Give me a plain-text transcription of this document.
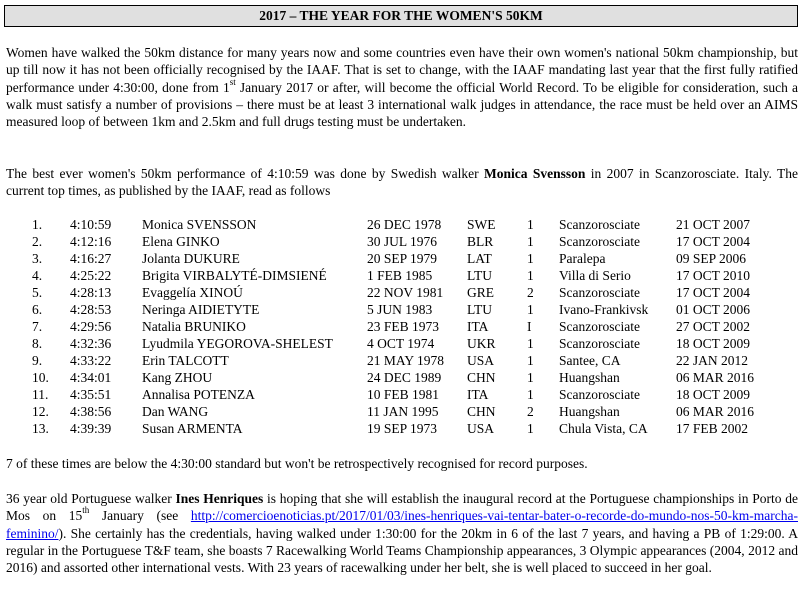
2017 – THE YEAR FOR THE WOMEN'S 50KM
Women have walked the 50km distance for many years now and some countries even have their own women's national 50km championship, but up till now it has not been officially recognised by the IAAF. That is set to change, with the IAAF mandating last year that the first fully ratified performance under 4:30:00, done from 1st January 2017 or after, will become the official World Record. To be eligible for consideration, such a walk must satisfy a number of provisions – there must be at least 3 international walk judges in attendance, the race must be held over an AIMS measured loop of between 1km and 2.5km and full drugs testing must be undertaken.
The best ever women's 50km performance of 4:10:59 was done by Swedish walker Monica Svensson in 2007 in Scanzorosciate. Italy. The current top times, as published by the IAAF, read as follows
1.	4:10:59	Monica SVENSSON	26 DEC 1978	SWE	1	Scanzorosciate	21 OCT 2007
2.	4:12:16	Elena GINKO	30 JUL 1976	BLR	1	Scanzorosciate	17 OCT 2004
3.	4:16:27	Jolanta DUKURE	20 SEP 1979	LAT	1	Paralepa	09 SEP 2006
4.	4:25:22	Brigita VIRBALYTÉ-DIMSIENÉ	1 FEB 1985	LTU	1	Villa di Serio	17 OCT 2010
5.	4:28:13	Evaggelía XINOÚ	22 NOV 1981	GRE	2	Scanzorosciate	17 OCT 2004
6.	4:28:53	Neringa AIDIETYTE	5 JUN 1983	LTU	1	Ivano-Frankivsk	01 OCT 2006
7.	4:29:56	Natalia BRUNIKO	23 FEB 1973	ITA	I	Scanzorosciate	27 OCT 2002
8.	4:32:36	Lyudmila YEGOROVA-SHELEST	4 OCT 1974	UKR	1	Scanzorosciate	18 OCT 2009
9.	4:33:22	Erin TALCOTT	21 MAY 1978	USA	1	Santee, CA	22 JAN 2012
10.	4:34:01	Kang ZHOU	24 DEC 1989	CHN	1	Huangshan	06 MAR 2016
11.	4:35:51	Annalisa POTENZA	10 FEB 1981	ITA	1	Scanzorosciate	18 OCT 2009
12.	4:38:56	Dan WANG	11 JAN 1995	CHN	2	Huangshan	06 MAR 2016
13.	4:39:39	Susan ARMENTA	19 SEP 1973	USA	1	Chula Vista, CA	17 FEB 2002
7 of these times are below the 4:30:00 standard but won't be retrospectively recognised for record purposes.
36 year old Portuguese walker Ines Henriques is hoping that she will establish the inaugural record at the Portuguese championships in Porto de Mos on 15th January (see http://comercioenoticias.pt/2017/01/03/ines-henriques-vai-tentar-bater-o-recorde-do-mundo-nos-50-km-marcha-feminino/). She certainly has the credentials, having walked under 1:30:00 for the 20km in 6 of the last 7 years, and having a PB of 1:29:00. A regular in the Portuguese T&F team, she boasts 7 Racewalking World Teams Championship appearances, 3 Olympic appearances (2004, 2012 and 2016) and assorted other international vests. With 23 years of racewalking under her belt, she is well placed to succeed in her goal.
